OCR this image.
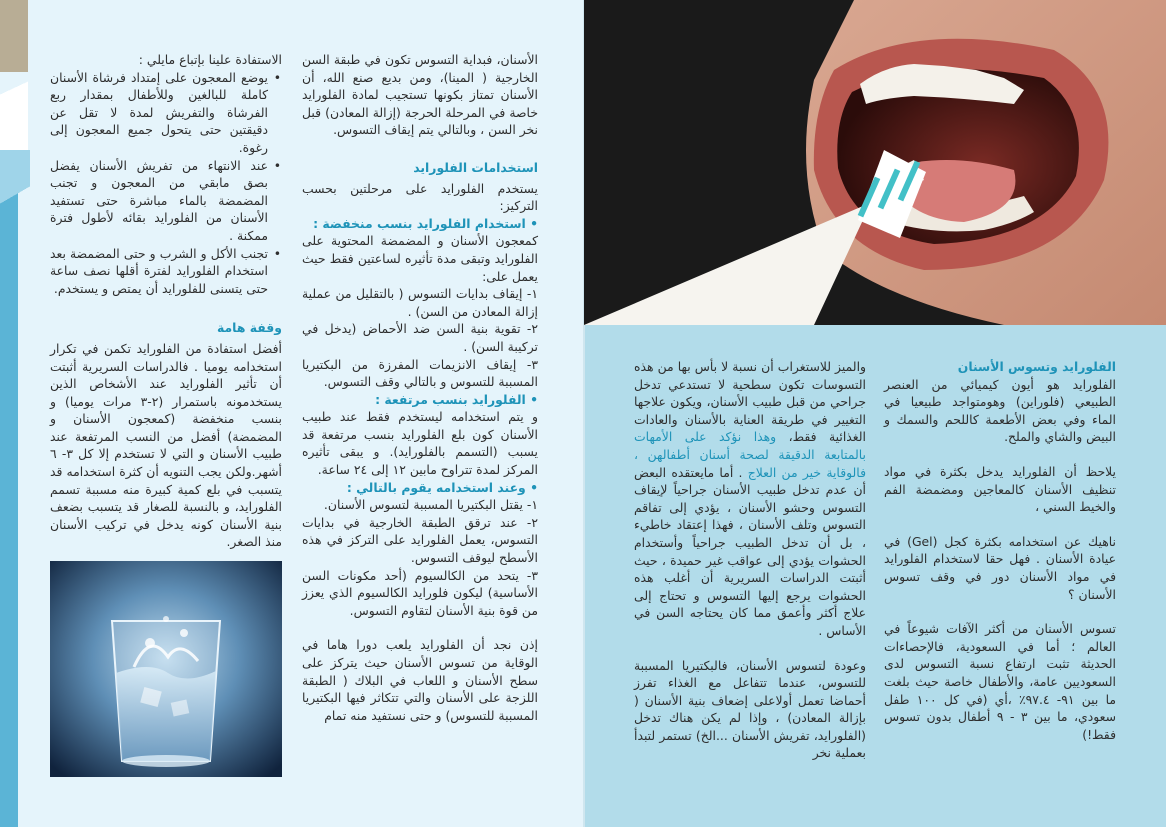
الأسنان، فبداية التسوس تكون في طبقة السن الخارجية ( المينا)، ومن بديع صنع الله، أن الأسنان تمتاز بكونها تستجيب لمادة الفلورايد خاصة في المرحلة الحرجة (إزالة المعادن) قبل نخر السن ، وبالتالي يتم إيقاف التسوس.

استخدامات الفلورايد

يستخدم الفلورايد على مرحلتين بحسب التركيز:

• استخدام الفلورايد بنسب منخفضة :

كمعجون الأسنان و المضمضة المحتوية على الفلورايد وتبقى مدة تأثيره لساعتين فقط حيث يعمل على:

١- إيقاف بدايات التسوس ( بالتقليل من عملية إزالة المعادن من السن) .

٢- تقوية بنية السن ضد الأحماض (يدخل في تركيبة السن) .

٣- إيقاف الانزيمات المفرزة من البكتيريا المسببة للتسوس و بالتالي وقف التسوس.

• الفلورايد بنسب مرتفعة :

و يتم استخدامه ليستخدم فقط عند طبيب الأسنان كون بلع الفلورايد بنسب مرتفعة قد يسبب (التسمم بالفلورايد). و يبقى تأثيره المركز لمدة تتراوح مابين ١٢ إلى ٢٤ ساعة.

• وعند استخدامه يقوم بالتالي :

١- يقتل البكتيريا المسببة لتسوس الأسنان.

٢- عند ترقق الطبقة الخارجية في بدايات التسوس، يعمل الفلورايد على التركز في هذه الأسطح ليوقف التسوس.

٣- يتحد من الكالسيوم (أحد مكونات السن الأساسية) ليكون فلورايد الكالسيوم الذي يعزز من قوة بنية الأسنان لتقاوم التسوس.

إذن نجد أن الفلورايد يلعب دورا هاما في الوقاية من تسوس الأسنان حيث يتركز على سطح الأسنان و اللعاب في البلاك ( الطبقة اللزجة على الأسنان والتي تتكاثر فيها البكتيريا المسببة للتسوس) و حتى نستفيد منه تمام

الاستفادة علينا بإتباع مايلي :

•
يوضع المعجون على إمتداد فرشاة الأسنان كاملة للبالغين وللأطفال بمقدار ربع الفرشاة والتفريش لمدة لا تقل عن دقيقتين حتى يتحول جميع المعجون إلى رغوة.
•
عند الانتهاء من تفريش الأسنان يفضل بصق مابقي من المعجون و تجنب المضمضة بالماء مباشرة حتى تستفيد الأسنان من الفلورايد بقائه لأطول فترة ممكنة .
•
تجنب الأكل و الشرب و حتى المضمضة بعد استخدام الفلورايد لفترة أقلها نصف ساعة حتى يتسنى للفلورايد أن يمتص و يستخدم.

وقفة هامة

أفضل استفادة من الفلورايد تكمن في تكرار استخدامه يوميا . فالدراسات السريرية أثبتت أن تأثير الفلورايد عند الأشخاص الذين يستخدمونه باستمرار (٢-٣ مرات يوميا) و بنسب منخفضة (كمعجون الأسنان و المضمضة) أفضل من النسب المرتفعة عند طبيب الأسنان و التي لا تستخدم إلا كل ٣- ٦ أشهر.ولكن يجب التنويه أن كثرة استخدامه قد يتسبب في بلع كمية كبيرة منه مسببة تسمم الفلورايد، و بالنسبة للصغار قد يتسبب بضعف بنية الأسنان كونه يدخل في تركيب الأسنان منذ الصغر.

والميز للاستغراب أن نسبة لا بأس بها من هذه التسوسات تكون سطحية لا تستدعي تدخل جراحي من قبل طبيب الأسنان، ويكون علاجها التغيير في طريقة العناية بالأسنان والعادات الغذائية فقط، وهذا نؤكد على الأمهات بالمتابعة الدقيقة لصحة أسنان أطفالهن ، فالوقاية خير من العلاج . أما مايعتقده البعض أن عدم تدخل طبيب الأسنان جراحياً لإيقاف التسوس وحشو الأسنان ، يؤدي إلى تفاقم التسوس وتلف الأسنان ، فهذا إعتقاد خاطيء ، بل أن تدخل الطبيب جراحياً وأستخدام الحشوات يؤدي إلى عواقب غير حميدة ، حيث أثبتت الدراسات السريرية أن أغلب هذه الحشوات يرجع إليها التسوس و تحتاج إلى علاج أكثر وأعمق مما كان يحتاجه السن في الأساس .

وعودة لتسوس الأسنان، فالبكتيريا المسببة للتسوس، عندما تتفاعل مع الغذاء تفرز أحماضا تعمل أولاعلى إضعاف بنية الأسنان ( بإزالة المعادن) ، وإذا لم يكن هناك تدخل (الفلورايد، تفريش الأسنان ...الخ) تستمر لتبدأ بعملية نخر

الفلورايد وتسوس الأسنان

الفلورايد هو أيون كيميائي من العنصر الطبيعي (فلوراين) وهومتواجد طبيعيا في الماء وفي بعض الأطعمة كاللحم والسمك و البيض والشاي والملح.

يلاحظ أن الفلورايد يدخل بكثرة في مواد تنظيف الأسنان كالمعاجين ومضمضة الفم والخيط السني ،

ناهيك عن استخدامه بكثرة كجل (Gel) في عيادة الأسنان . فهل حقا لاستخدام الفلورايد في مواد الأسنان دور في وقف تسوس الأسنان ؟

تسوس الأسنان من أكثر الآفات شيوعاً في العالم ؛ أما في السعودية، فالإحصاءات الحديثة تثبت ارتفاع نسبة التسوس لدى السعوديين عامة، والأطفال خاصة حيث بلغت ما بين ٩١- ٩٧.٤٪ ،أي (في كل ١٠٠ طفل سعودي، ما بين ٣ - ٩ أطفال بدون تسوس فقط!)
